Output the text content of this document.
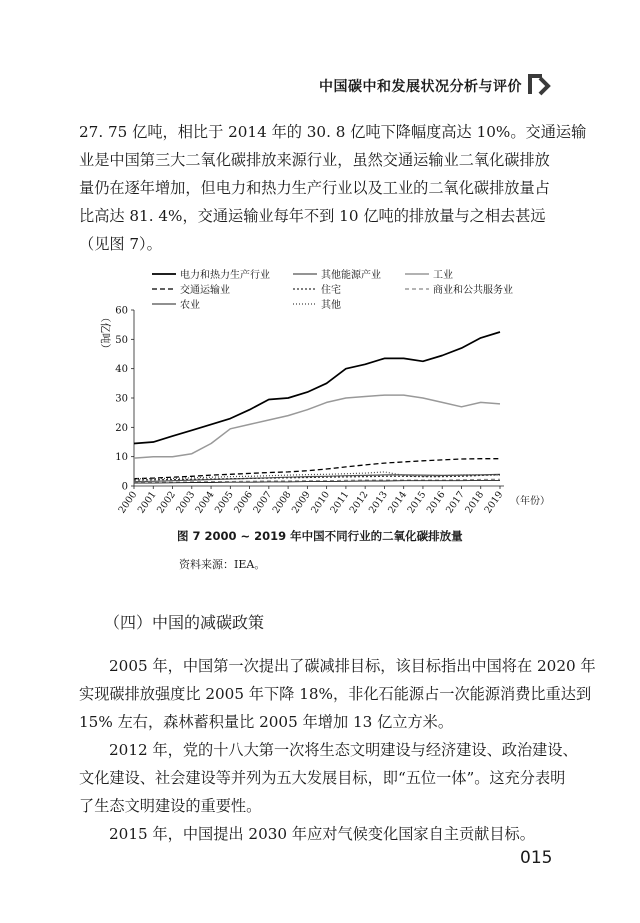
中国碳中和发展状况分析与评价
27. 75 亿吨，相比于 2014 年的 30. 8 亿吨下降幅度高达 10%。交通运输
业是中国第三大二氧化碳排放来源行业，虽然交通运输业二氧化碳排放
量仍在逐年增加，但电力和热力生产行业以及工业的二氧化碳排放量占
比高达 81. 4%，交通运输业每年不到 10 亿吨的排放量与之相去甚远
（见图 7）。
电力和热力生产行业	其他能源产业	工业
交通运输业	住宅	商业和公共服务业
农业	其他
0
10
20
30
40
50
60
（亿吨）
2000
2001
2002
2003
2004
2005
2006
2007
2008
2009
2010
2011
2012
2013
2014
2015
2016
2017
2018
2019 （年份）
图 7 2000 ~ 2019 年中国不同行业的二氧化碳排放量
资料来源：IEA。
（四）中国的减碳政策
2005 年，中国第一次提出了碳减排目标，该目标指出中国将在 2020 年
实现碳排放强度比 2005 年下降 18%，非化石能源占一次能源消费比重达到
15% 左右，森林蓄积量比 2005 年增加 13 亿立方米。
2012 年，党的十八大第一次将生态文明建设与经济建设、政治建设、
文化建设、社会建设等并列为五大发展目标，即“五位一体”。这充分表明
了生态文明建设的重要性。
2015 年，中国提出 2030 年应对气候变化国家自主贡献目标。
015
